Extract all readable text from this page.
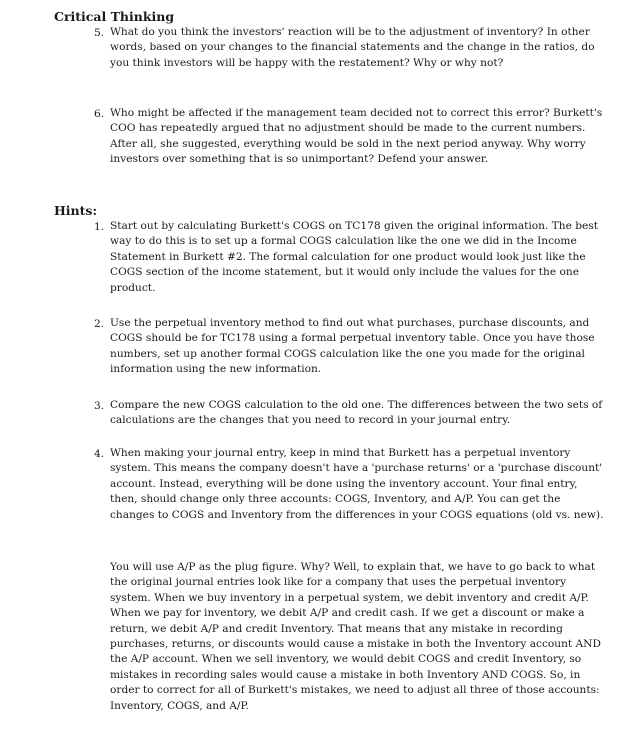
Critical Thinking
5. What do you think the investors' reaction will be to the adjustment of inventory? In other words, based on your changes to the financial statements and the change in the ratios, do you think investors will be happy with the restatement? Why or why not?
6. Who might be affected if the management team decided not to correct this error? Burkett's COO has repeatedly argued that no adjustment should be made to the current numbers. After all, she suggested, everything would be sold in the next period anyway. Why worry investors over something that is so unimportant? Defend your answer.
Hints:
1. Start out by calculating Burkett's COGS on TC178 given the original information. The best way to do this is to set up a formal COGS calculation like the one we did in the Income Statement in Burkett #2. The formal calculation for one product would look just like the COGS section of the income statement, but it would only include the values for the one product.
2. Use the perpetual inventory method to find out what purchases, purchase discounts, and COGS should be for TC178 using a formal perpetual inventory table. Once you have those numbers, set up another formal COGS calculation like the one you made for the original information using the new information.
3. Compare the new COGS calculation to the old one. The differences between the two sets of calculations are the changes that you need to record in your journal entry.
4. When making your journal entry, keep in mind that Burkett has a perpetual inventory system. This means the company doesn't have a 'purchase returns' or a 'purchase discount' account. Instead, everything will be done using the inventory account. Your final entry, then, should change only three accounts: COGS, Inventory, and A/P. You can get the changes to COGS and Inventory from the differences in your COGS equations (old vs. new).

You will use A/P as the plug figure. Why? Well, to explain that, we have to go back to what the original journal entries look like for a company that uses the perpetual inventory system. When we buy inventory in a perpetual system, we debit inventory and credit A/P. When we pay for inventory, we debit A/P and credit cash. If we get a discount or make a return, we debit A/P and credit Inventory. That means that any mistake in recording purchases, returns, or discounts would cause a mistake in both the Inventory account AND the A/P account. When we sell inventory, we would debit COGS and credit Inventory, so mistakes in recording sales would cause a mistake in both Inventory AND COGS. So, in order to correct for all of Burkett's mistakes, we need to adjust all three of those accounts: Inventory, COGS, and A/P.
